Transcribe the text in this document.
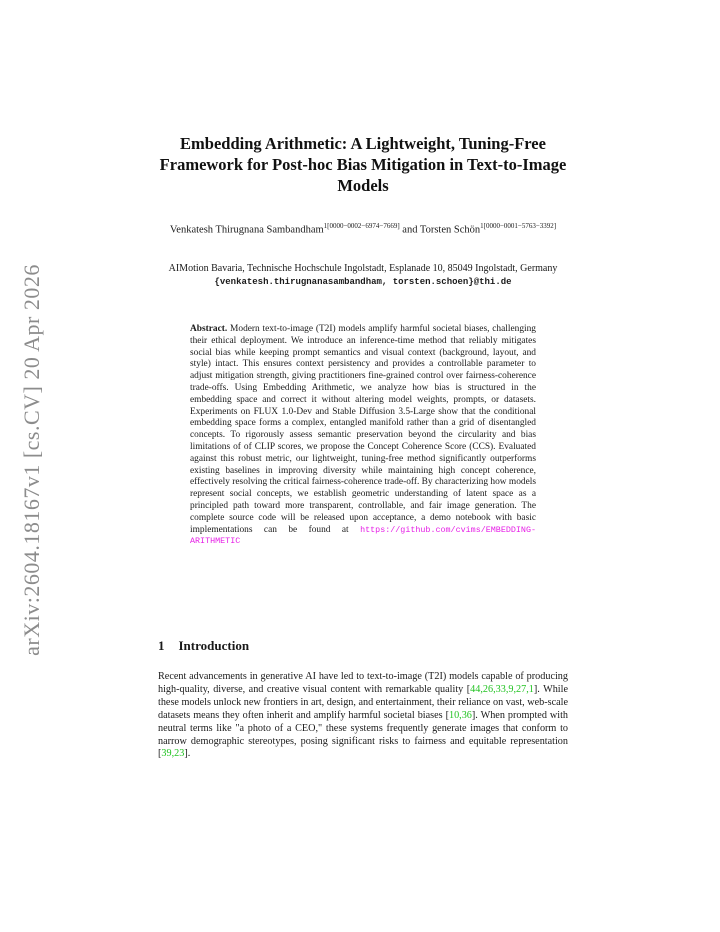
arXiv:2604.18167v1 [cs.CV] 20 Apr 2026
Embedding Arithmetic: A Lightweight, Tuning-Free Framework for Post-hoc Bias Mitigation in Text-to-Image Models

Venkatesh Thirugnana Sambandham$^{1[0000-0002-6974-7669]}$ and Torsten Schön$^{1[0000-0001-5763-3392]}$

AIMotion Bavaria, Technische Hochschule Ingolstadt, Esplanade 10, 85049 Ingolstadt, Germany {venkatesh.thirugnanasambandham, torsten.schoen}@thi.de

Abstract. Modern text-to-image (T2I) models amplify harmful societal biases, challenging their ethical deployment. We introduce an inference-time method that reliably mitigates social bias while keeping prompt semantics and visual context (background, layout, and style) intact. This ensures context persistency and provides a controllable parameter to adjust mitigation strength, giving practitioners fine-grained control over fairness-coherence trade-offs. Using Embedding Arithmetic, we analyze how bias is structured in the embedding space and correct it without altering model weights, prompts, or datasets. Experiments on FLUX 1.0-Dev and Stable Diffusion 3.5-Large show that the conditional embedding space forms a complex, entangled manifold rather than a grid of disentangled concepts. To rigorously assess semantic preservation beyond the circularity and bias limitations of of CLIP scores, we propose the Concept Coherence Score (CCS). Evaluated against this robust metric, our lightweight, tuning-free method significantly outperforms existing baselines in improving diversity while maintaining high concept coherence, effectively resolving the critical fairness-coherence trade-off. By characterizing how models represent social concepts, we establish geometric understanding of latent space as a principled path toward more transparent, controllable, and fair image generation. The complete source code will be released upon acceptance, a demo notebook with basic implementations can be found at https://github.com/cvims/EMBEDDING-ARITHMETIC

1 Introduction

Recent advancements in generative AI have led to text-to-image (T2I) models capable of producing high-quality, diverse, and creative visual content with remarkable quality [44,26,33,9,27,1]. While these models unlock new frontiers in art, design, and entertainment, their reliance on vast, web-scale datasets means they often inherit and amplify harmful societal biases [10,36]. When prompted with neutral terms like "a photo of a CEO," these systems frequently generate images that conform to narrow demographic stereotypes, posing significant risks to fairness and equitable representation [39,23].
